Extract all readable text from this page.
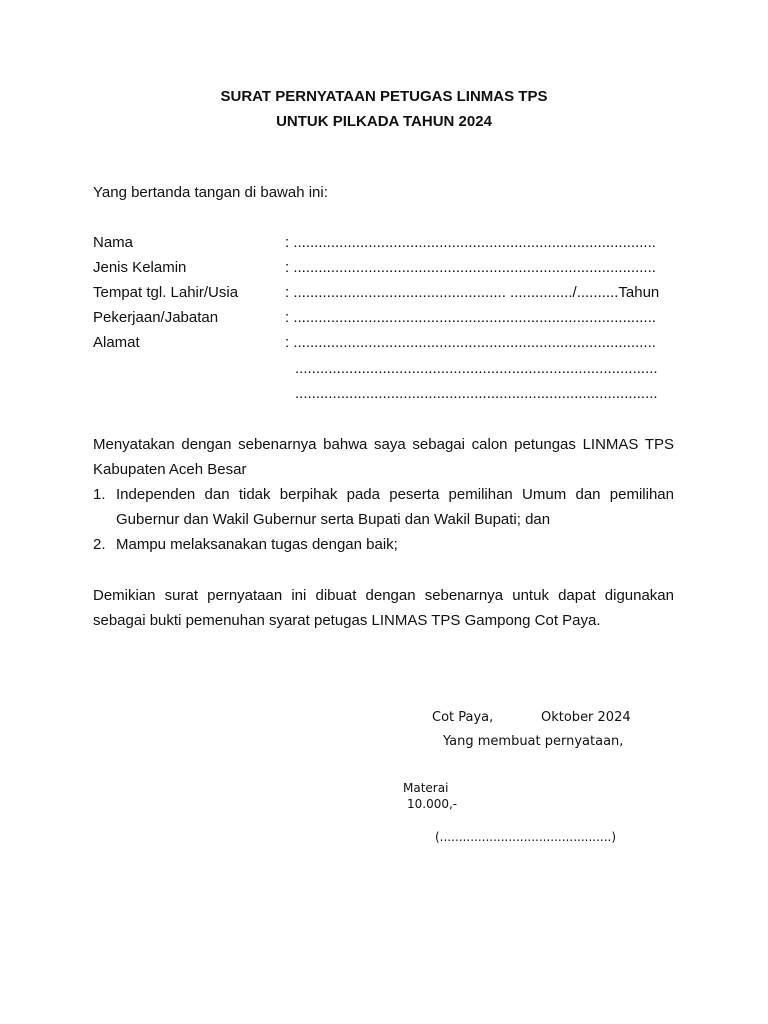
SURAT PERNYATAAN PETUGAS LINMAS TPS
UNTUK PILKADA TAHUN 2024
Yang bertanda tangan di bawah ini:
Nama	: .......................................................................................
Jenis Kelamin	: .......................................................................................
Tempat tgl. Lahir/Usia	: ................................................... .............../..........Tahun
Pekerjaan/Jabatan	: .......................................................................................
Alamat	: .......................................................................................
.......................................................................................
.......................................................................................
Menyatakan dengan sebenarnya bahwa saya sebagai calon petungas LINMAS TPS Kabupaten Aceh Besar
1. Independen dan tidak berpihak pada peserta pemilihan Umum dan pemilihan Gubernur dan Wakil Gubernur serta Bupati dan Wakil Bupati; dan
2. Mampu melaksanakan tugas dengan baik;
Demikian surat pernyataan ini dibuat dengan sebenarnya untuk dapat digunakan sebagai bukti pemenuhan syarat petugas LINMAS TPS Gampong Cot Paya.
Cot Paya,	Oktober 2024
Yang membuat pernyataan,
Materai
10.000,-
(.............................................)
